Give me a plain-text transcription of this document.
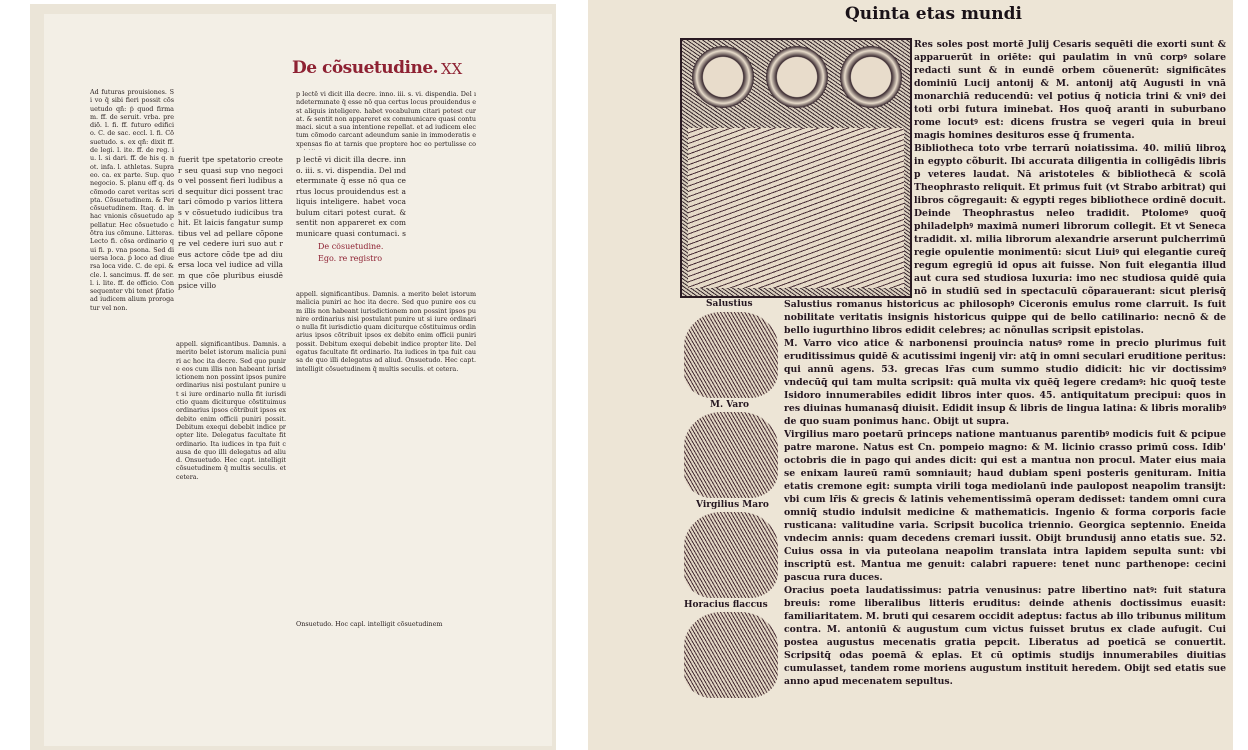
De cõsuetudine. XX
Ad futuras prouisiones. Si vo q̄ sibi fieri possit cõsuetudo qñ: ṗ quod firmam. ff. de seruit. vrba. prediõ. l. fi. ff. futuro edificio. C. de sac. eccl. l. fi. Cõsuetudo. s. ex qñ: dixit ff. de legi. l. ite. ff. de reg. iu. l. si dari. ff. de his q. not. infa. l. athletas. Supra eo. ca. ex parte. Sup. quo negocio. S. planu eff q. ds cõmodo caret veritas scripta. Cõsuetudinem. & Per cõsuetudinem. Itaq. d. in hac vnionis cõsuetudo appellatur. Hec cõsuetudo cõtra ius cõmune. Litteras. Lecto fi. cõsa ordinario qui fi. p. vna psona. Sed diuersa loca. ṗ loco ad diuersa loca vide. C. de epi. & cle. l. sancimus. ff. de ser. l. i. lite. ff. de officio. Consequenter vbi tenet p̄fatio ad iudicem alium prorogatur vel non.
fuerit tpe spetatorio creoter seu quasi sup vno negocio vel possent fieri ludibus ad sequitur dici possent tractari cõmodo p varios litteras v cõsuetudo iudicibus trahit. Et laicis fangatur sumptibus vel ad pellare cõponere vel cedere iuri suo aut reus actore cõde tpe ad diuersa loca vel iudice ad villam que cõe pluribus eiusdē psice villo
p lectē vi dicit illa decre. inno. iii. s. vi. dispendia. Del ındetermınate q̄ esse nō qua certus locus prouidendus est aliquis inteligere. habet vocabulum citari potest curat. & sentit non appareret ex communicare quasi contumaci. sicut a sua intentione repellat. et ad iudicem electum cõmodo carcant adeundum sanie in immoderatis expensas fio at tarnis que proptere hoc eo pertulisse co
p lectē vi dicit illa decre. inno. iii. s. vi. dispendia. Del ındetermınate q̄ esse nō qua certus locus prouidendus est aliquis inteligere. habet vocabulum citari potest curat. & sentit non appareret ex communicare quasi contumaci. s
De cõsuetudine.
Ego. re registro
appell. significantibus. Damnis. a merito belet istorum malicia puniri ac hoc ita decre. Sed quo punire eos cum illis non habeant iurisdictionem non possint ipsos punire ordinarius nisi postulant punire ut si iure ordinario nulla fit iurisdictio quam diciturque cõstituimus ordinarius ipsos cõtribuit ipsos ex debito enim officii puniri possit. Debitum exequi debebit indice propter lite. Delegatus facultate fit ordinario. Ita iudices in tpa fuit causa de quo illi delegatus ad aliud. Onsuetudo. Hec capt. intelligit cõsuetudinem q̄ multis seculis. et cetera.
appell. significantibus. Damnis. a merito belet istorum malicia puniri ac hoc ita decre. Sed quo punire eos cum illis non habeant iurisdictionem non possint ipsos punire ordinarius nisi postulant punire ut si iure ordinario nulla fit iurisdictio quam diciturque cõstituimus ordinarius ipsos cõtribuit ipsos ex debito enim officii puniri possit. Debitum exequi debebit indice propter lite. Delegatus facultate fit ordinario. Ita iudices in tpa fuit causa de quo illi delegatus ad aliud. Onsuetudo. Hec capt. intelligit cõsuetudinem q̄ multis seculis. et cetera.
Onsuetudo. Hoc capl. intelligit cõsuetudinem
Quinta etas mundi

Res soles post mortē Julij Cesaris sequēti die exorti sunt & apparuerūt in oriēte: qui paulatim in vnū corpꝰ solare redacti sunt & in eundē orbem cõuenerūt: significātes dominiū Lucij antonij & M. antonij atq̄ Augusti in vnā monarchiā reducendū: vel potius q̄ noticia trini & vniꝰ dei toti orbi futura iminebat. Hos quoq̄ aranti in suburbano rome locutꝰ est: dicens frustra se vegeri quia in breui magis homines desituros esse q̄ frumenta.

Bibliotheca toto vrbe terrarū noiatissima. 40. miliū libroꝝ in egypto cõburit. Ibi accurata diligentia in colligēdis libris p veteres laudat. Nā aristoteles & bibliothecā & scolā Theophrasto reliquit. Et primus fuit (vt Strabo arbitrat) qui libros cõgregauit: & egypti reges bibliothece ordinē docuit. Deinde Theophrastus neleo tradidit. Ptolomeꝰ quoq̄ philadelphꝰ maximā numeri librorum collegit. Et vt Seneca tradidit. xl. milia librorum alexandrie arserunt pulcherrimū regie opulentie monimentū: sicut Liuiꝰ qui elegantie cureq̄ regum egregiū id opus ait fuisse. Non fuit elegantia illud aut cura sed studiosa luxuria: imo nec studiosa quidē quia nō in studiū sed in spectaculū cõparauerant: sicut plerisq̄

Salustius romanus historicus ac philosophꝰ Ciceronis emulus rome clarruit. Is fuit nobilitate veritatis insignis historicus quippe qui de bello catilinario: necnō & de bello iugurthino libros edidit celebres; ac nõnullas scripsit epistolas.

M. Varro vico atice & narbonensi prouincia natusꝰ rome in precio plurimus fuit eruditissimus quidē & acutissimi ingenij vir: atq̄ in omni seculari eruditione peritus: qui annū agens. 53. grecas lr̄as cum summo studio didicit: hic vir doctissimꝰ vndecūq̄ qui tam multa scripsit: quā multa vix quēq̄ legere credamꝰ: hic quoq̄ teste Isidoro innumerabiles edidit libros inter quos. 45. antiquitatum precipui: quos in res diuinas humanasq̄ diuisit. Edidit insup & libris de lingua latina: & libris moralibꝰ de quo suam ponimus hanc. Obijt ut supra.

Virgilius maro poetarū princeps natione mantuanus parentibꝰ modicis fuit & pcipue patre marone. Natus est Cn. pompeio magno: & M. licinio crasso primū coss. Idib' octobris die in pago qui andes dicit: qui est a mantua non procul. Mater eius maia se enixam laureū ramū somniauit; haud dubiam speni posteris genituram. Initia etatis cremone egit: sumpta virili toga mediolanū inde paulopost neapolim transijt: vbi cum lr̄is & grecis & latinis vehementissimā operam dedisset: tandem omni cura omniq̄ studio indulsit medicine & mathematicis. Ingenio & forma corporis facie rusticana: valitudine varia. Scripsit bucolica triennio. Georgica septennio. Eneida vndecim annis: quam decedens cremari iussit. Obijt brundusij anno etatis sue. 52. Cuius ossa in via puteolana neapolim translata intra lapidem sepulta sunt: vbi inscriptū est. Mantua me genuit: calabri rapuere: tenet nunc parthenope: cecini pascua rura duces.

Oracius poeta laudatissimus: patria venusinus: patre libertino natꝰ: fuit statura breuis: rome liberalibus litteris eruditus: deinde athenis doctissimus euasit: familiaritatem. M. bruti qui cesarem occidit adeptus: factus ab illo tribunus militum contra. M. antoniū & augustum cum victus fuisset brutus ex clade aufugit. Cui postea augustus mecenatis gratia pepcit. Liberatus ad poeticā se conuertit. Scripsitq̄ odas poemā & eplas. Et cū optimis studijs innumerabiles diuitias cumulasset, tandem rome moriens augustum instituit heredem. Obijt sed etatis sue anno apud mecenatem sepultus.

Salustius
M. Varo
Virgilius Maro
Horacius flaccus
